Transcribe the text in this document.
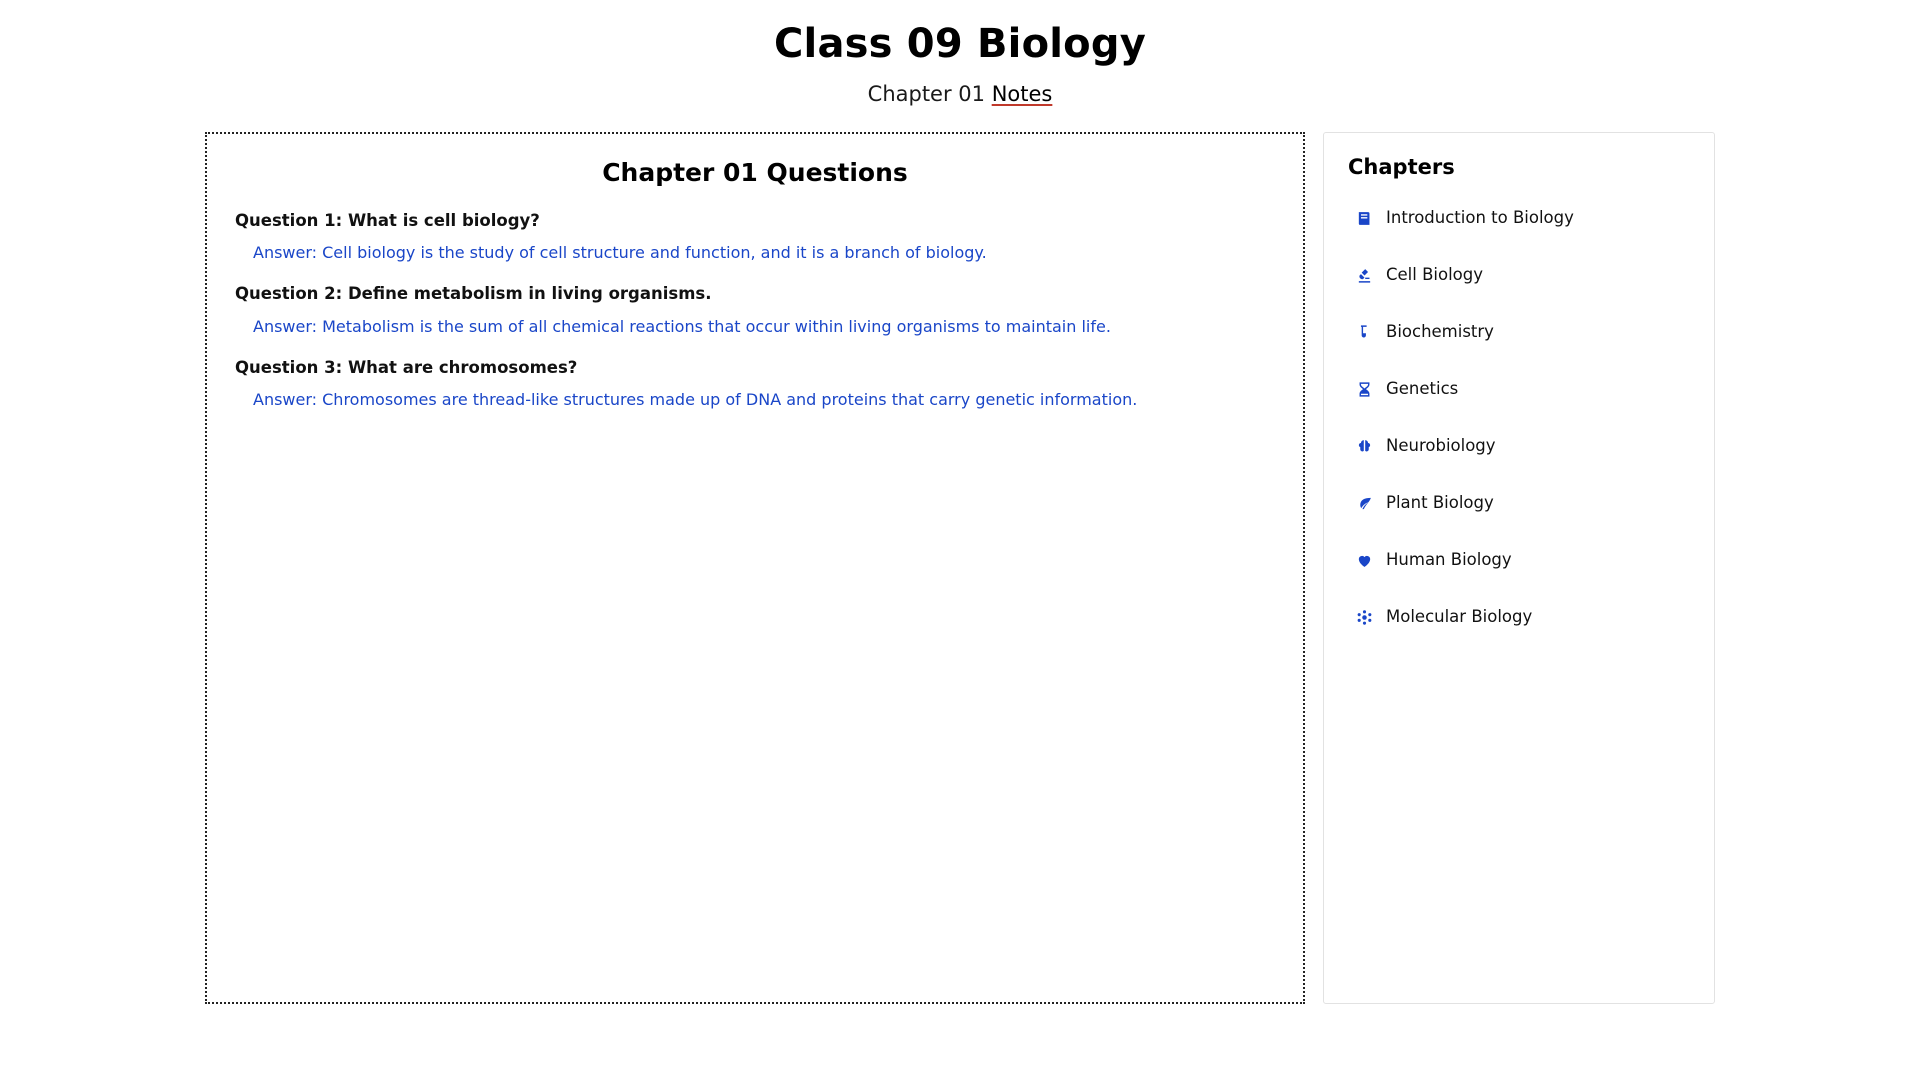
Class 09 Biology
Chapter 01 Notes
Chapter 01 Questions

Question 1: What is cell biology?

Answer: Cell biology is the study of cell structure and function, and it is a branch of biology.

Question 2: Define metabolism in living organisms.

Answer: Metabolism is the sum of all chemical reactions that occur within living organisms to maintain life.

Question 3: What are chromosomes?

Answer: Chromosomes are thread-like structures made up of DNA and proteins that carry genetic information.

Chapters
Introduction to Biology
Cell Biology
Biochemistry
Genetics
Neurobiology
Plant Biology
Human Biology
Molecular Biology
